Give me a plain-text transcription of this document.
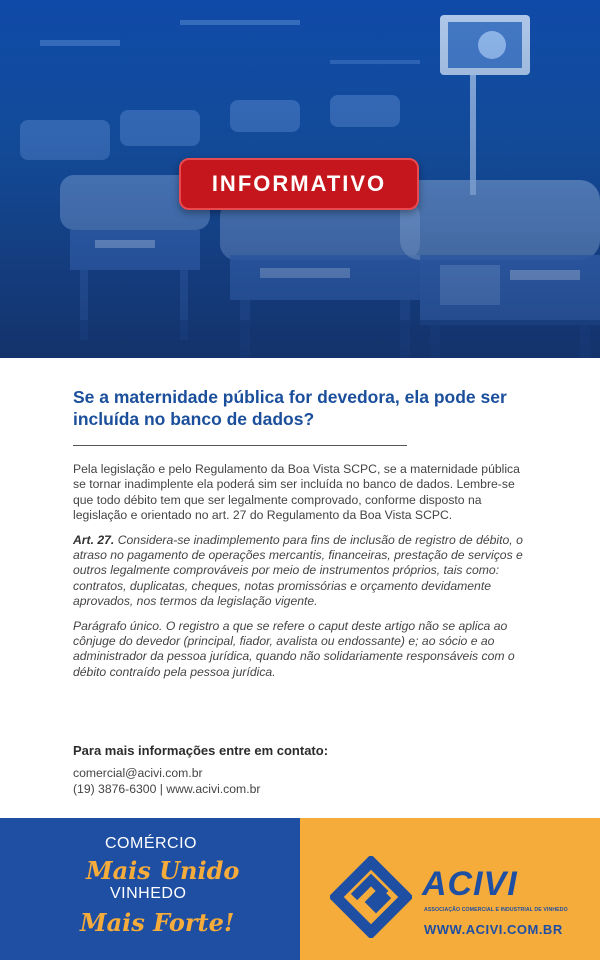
INFORMATIVO
Se a maternidade pública for devedora, ela pode ser incluída no banco de dados?

Pela legislação e pelo Regulamento da Boa Vista SCPC, se a maternidade pública se tornar inadimplente ela poderá sim ser incluída no banco de dados. Lembre-se que todo débito tem que ser legalmente comprovado, conforme disposto na legislação e orientado no art. 27 do Regulamento da Boa Vista SCPC.

Art. 27. Considera-se inadimplemento para fins de inclusão de registro de débito, o atraso no pagamento de operações mercantis, financeiras, prestação de serviços e outros legalmente comprováveis por meio de instrumentos próprios, tais como: contratos, duplicatas, cheques, notas promissórias e orçamento devidamente aprovados, nos termos da legislação vigente.

Parágrafo único. O registro a que se refere o caput deste artigo não se aplica ao cônjuge do devedor (principal, fiador, avalista ou endossante) e; ao sócio e ao administrador da pessoa jurídica, quando não solidariamente responsáveis com o débito contraído pela pessoa jurídica.

Para mais informações entre em contato:
comercial@acivi.com.br
(19) 3876-6300 | www.acivi.com.br
COMÉRCIO
Mais Unido
VINHEDO
Mais Forte!
ACIVI
ASSOCIAÇÃO COMERCIAL E INDUSTRIAL DE VINHEDO
WWW.ACIVI.COM.BR
